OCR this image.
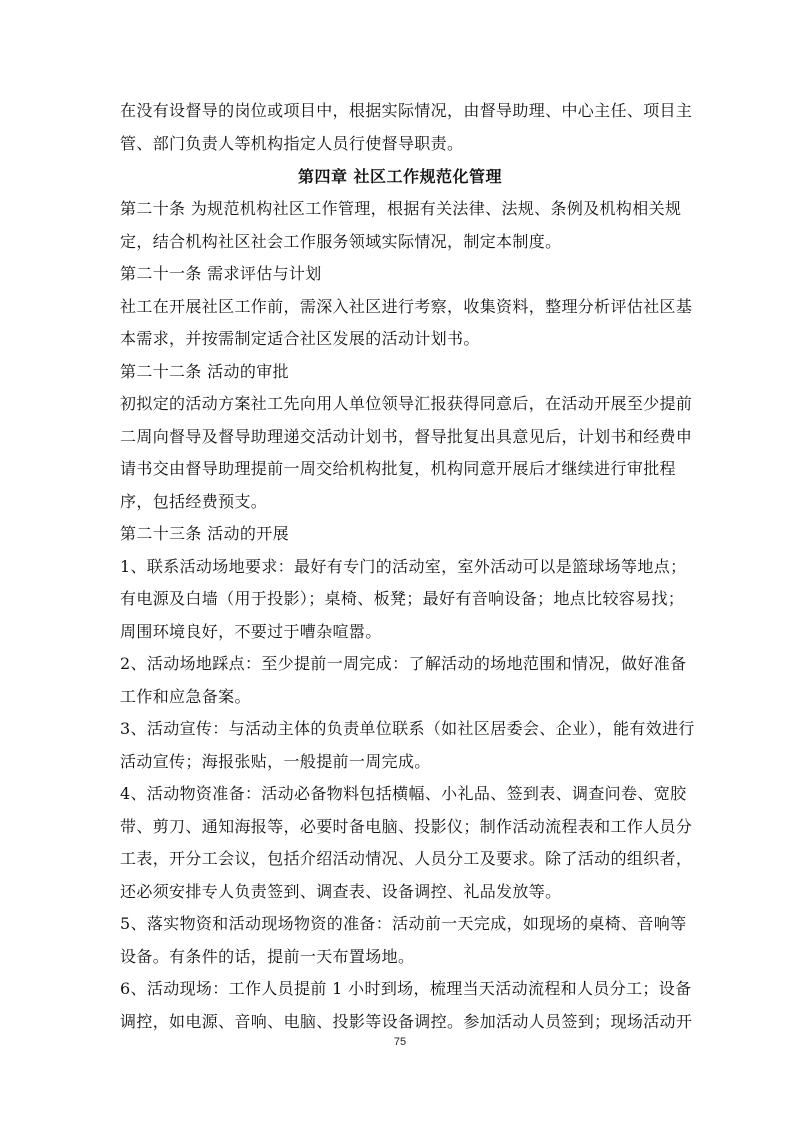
在没有设督导的岗位或项目中，根据实际情况，由督导助理、中心主任、项目主
管、部门负责人等机构指定人员行使督导职责。
第四章 社区工作规范化管理
第二十条 为规范机构社区工作管理，根据有关法律、法规、条例及机构相关规
定，结合机构社区社会工作服务领域实际情况，制定本制度。
第二十一条 需求评估与计划
社工在开展社区工作前，需深入社区进行考察，收集资料，整理分析评估社区基
本需求，并按需制定适合社区发展的活动计划书。
第二十二条 活动的审批
初拟定的活动方案社工先向用人单位领导汇报获得同意后，在活动开展至少提前
二周向督导及督导助理递交活动计划书，督导批复出具意见后，计划书和经费申
请书交由督导助理提前一周交给机构批复，机构同意开展后才继续进行审批程
序，包括经费预支。
第二十三条 活动的开展
1、联系活动场地要求：最好有专门的活动室，室外活动可以是篮球场等地点；
有电源及白墙（用于投影）；桌椅、板凳；最好有音响设备；地点比较容易找；
周围环境良好，不要过于嘈杂喧嚣。
2、活动场地踩点：至少提前一周完成：了解活动的场地范围和情况，做好准备
工作和应急备案。
3、活动宣传：与活动主体的负责单位联系（如社区居委会、企业），能有效进行
活动宣传；海报张贴，一般提前一周完成。
4、活动物资准备：活动必备物料包括横幅、小礼品、签到表、调查问卷、宽胶
带、剪刀、通知海报等，必要时备电脑、投影仪；制作活动流程表和工作人员分
工表，开分工会议，包括介绍活动情况、人员分工及要求。除了活动的组织者，
还必须安排专人负责签到、调查表、设备调控、礼品发放等。
5、落实物资和活动现场物资的准备：活动前一天完成，如现场的桌椅、音响等
设备。有条件的话，提前一天布置场地。
6、活动现场：工作人员提前 1 小时到场，梳理当天活动流程和人员分工；设备
调控，如电源、音响、电脑、投影等设备调控。参加活动人员签到；现场活动开
75
